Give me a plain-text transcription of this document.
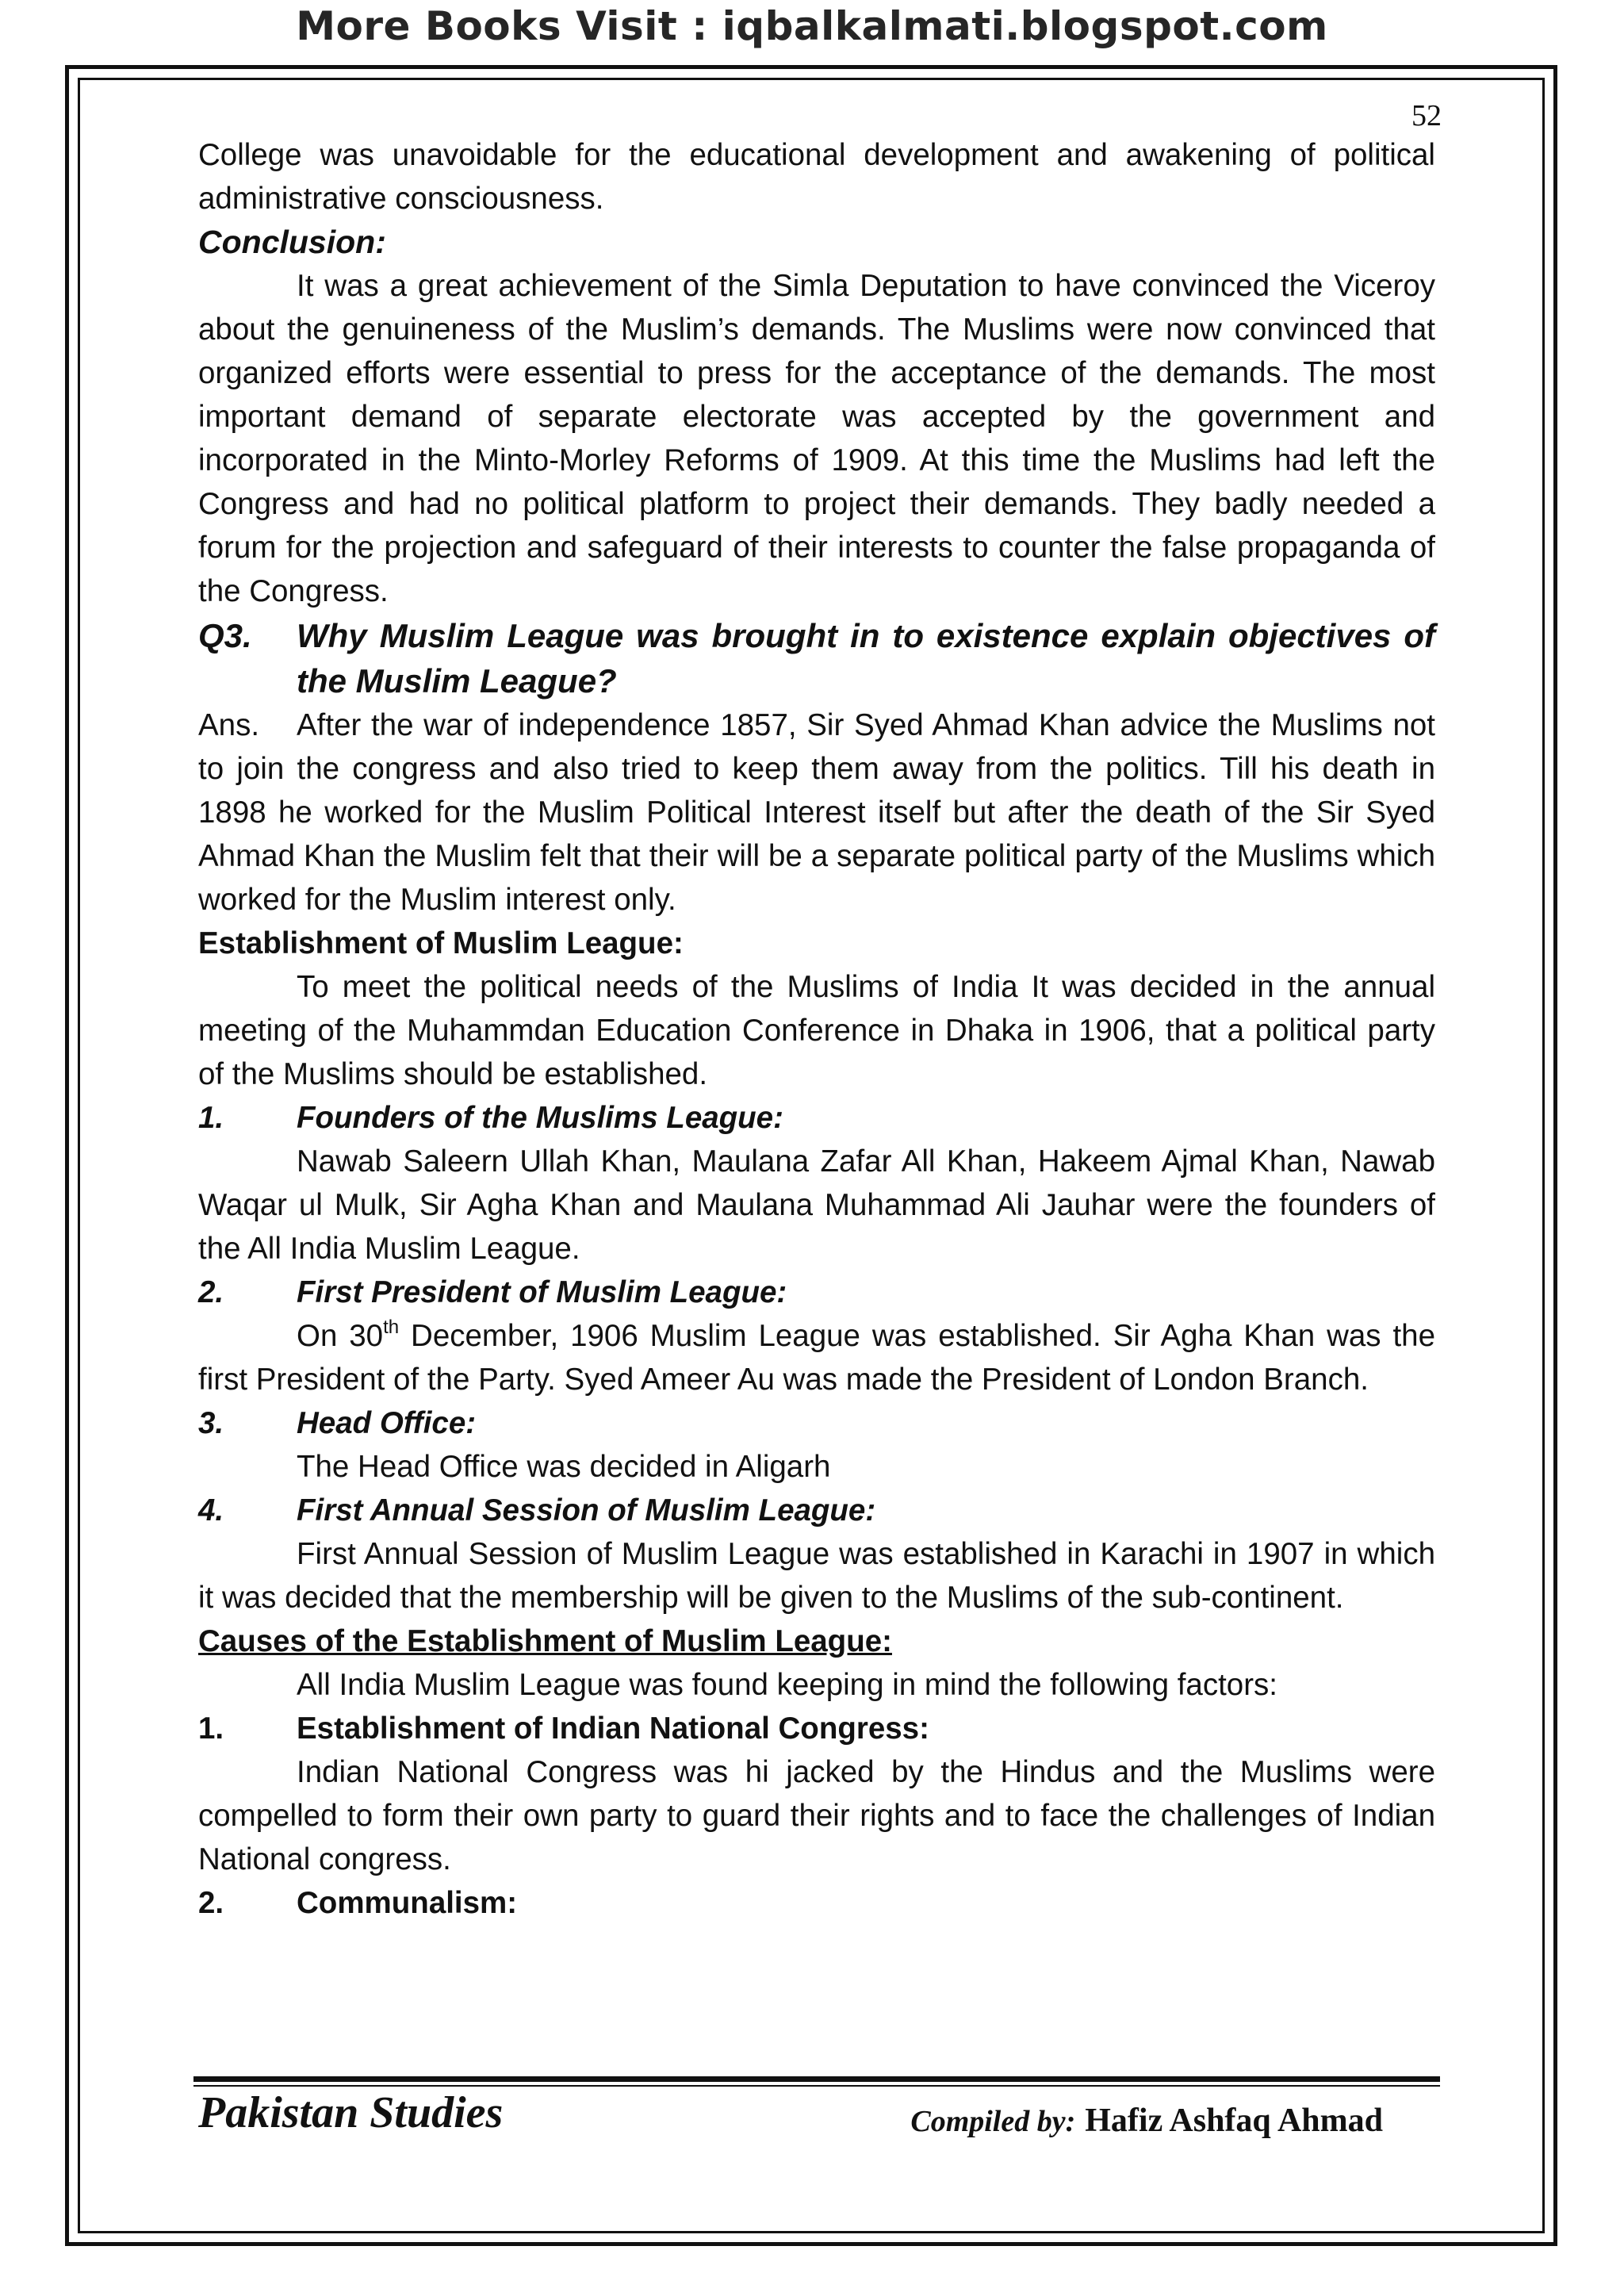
More Books Visit : iqbalkalmati.blogspot.com
52

College was unavoidable for the educational development and awakening of political administrative consciousness.

Conclusion:

It was a great achievement of the Simla Deputation to have convinced the Viceroy about the genuineness of the Muslim’s demands. The Muslims were now convinced that organized efforts were essential to press for the acceptance of the demands. The most important demand of separate electorate was accepted by the government and incorporated in the Minto-Morley Reforms of 1909. At this time the Muslims had left the Congress and had no political platform to project their demands. They badly needed a forum for the projection and safeguard of their interests to counter the false propaganda of the Congress.

Q3.	Why Muslim League was brought in to existence explain objectives of the Muslim League?

Ans. After the war of independence 1857, Sir Syed Ahmad Khan advice the Muslims not to join the congress and also tried to keep them away from the politics. Till his death in 1898 he worked for the Muslim Political Interest itself but after the death of the Sir Syed Ahmad Khan the Muslim felt that their will be a separate political party of the Muslims which worked for the Muslim interest only.

Establishment of Muslim League:

To meet the political needs of the Muslims of India It was decided in the annual meeting of the Muhammdan Education Conference in Dhaka in 1906, that a political party of the Muslims should be established.

1.	Founders of the Muslims League:

Nawab Saleern Ullah Khan, Maulana Zafar All Khan, Hakeem Ajmal Khan, Nawab Waqar ul Mulk, Sir Agha Khan and Maulana Muhammad Ali Jauhar were the founders of the All India Muslim League.

2.	First President of Muslim League:

On 30th December, 1906 Muslim League was established. Sir Agha Khan was the first President of the Party. Syed Ameer Au was made the President of London Branch.

3.	Head Office:

The Head Office was decided in Aligarh

4.	First Annual Session of Muslim League:

First Annual Session of Muslim League was established in Karachi in 1907 in which it was decided that the membership will be given to the Muslims of the sub-continent.

Causes of the Establishment of Muslim League:

All India Muslim League was found keeping in mind the following factors:

1.	Establishment of Indian National Congress:

Indian National Congress was hi jacked by the Hindus and the Muslims were compelled to form their own party to guard their rights and to face the challenges of Indian National congress.

2.	Communalism:
Pakistan Studies	Compiled by: Hafiz Ashfaq Ahmad
